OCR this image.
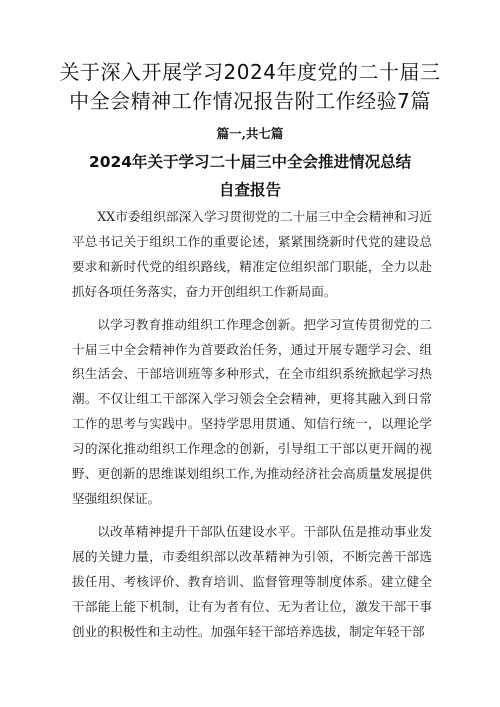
关于深入开展学习2024年度党的二十届三
中全会精神工作情况报告附工作经验7篇
篇一,共七篇
2024年关于学习二十届三中全会推进情况总结
自查报告

XX市委组织部深入学习贯彻党的二十届三中全会精神和习近平总书记关于组织工作的重要论述，紧紧围绕新时代党的建设总要求和新时代党的组织路线，精准定位组织部门职能，全力以赴抓好各项任务落实，奋力开创组织工作新局面。

以学习教育推动组织工作理念创新。把学习宣传贯彻党的二十届三中全会精神作为首要政治任务，通过开展专题学习会、组织生活会、干部培训班等多种形式，在全市组织系统掀起学习热潮。不仅让组工干部深入学习领会全会精神，更将其融入到日常工作的思考与实践中。坚持学思用贯通、知信行统一，以理论学习的深化推动组织工作理念的创新，引导组工干部以更开阔的视野、更创新的思维谋划组织工作,为推动经济社会高质量发展提供坚强组织保证。

以改革精神提升干部队伍建设水平。干部队伍是推动事业发展的关键力量，市委组织部以改革精神为引领，不断完善干部选拔任用、考核评价、教育培训、监督管理等制度体系。建立健全干部能上能下机制，让有为者有位、无为者让位，激发干部干事创业的积极性和主动性。加强年轻干部培养选拔，制定年轻干部
